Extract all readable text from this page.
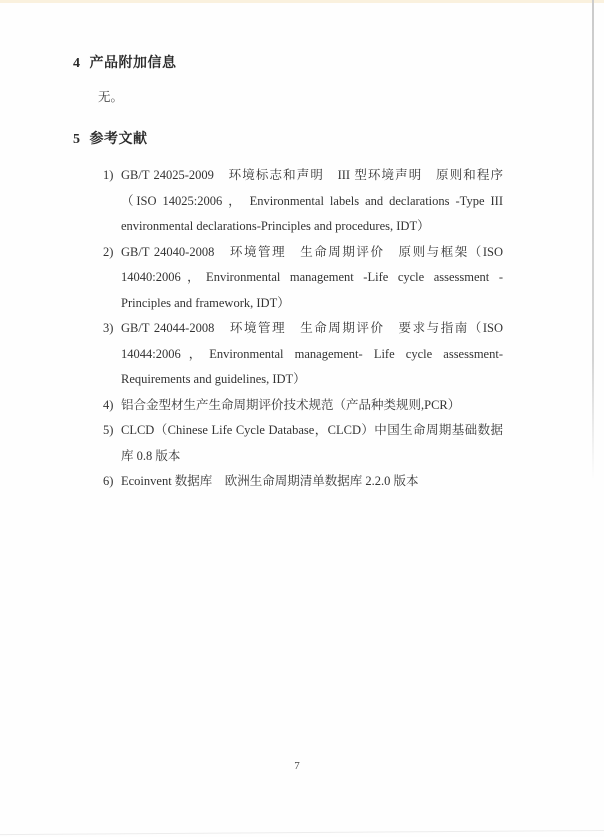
4 产品附加信息

无。

5 参考文献
1) GB/T 24025-2009　环境标志和声明　III 型环境声明　原则和程序（ISO 14025:2006 ， Environmental labels and declarations -Type III environmental declarations-Principles and procedures, IDT）
2) GB/T 24040-2008　环境管理　生命周期评价　原则与框架（ISO 14040:2006，Environmental management -Life cycle assessment - Principles and framework, IDT）
3) GB/T 24044-2008　环境管理　生命周期评价　要求与指南（ISO 14044:2006，Environmental management- Life cycle assessment- Requirements and guidelines, IDT）
4) 铝合金型材生产生命周期评价技术规范（产品种类规则,PCR）
5) CLCD（Chinese Life Cycle Database，CLCD）中国生命周期基础数据库 0.8 版本
6) Ecoinvent 数据库　欧洲生命周期清单数据库 2.2.0 版本
7
